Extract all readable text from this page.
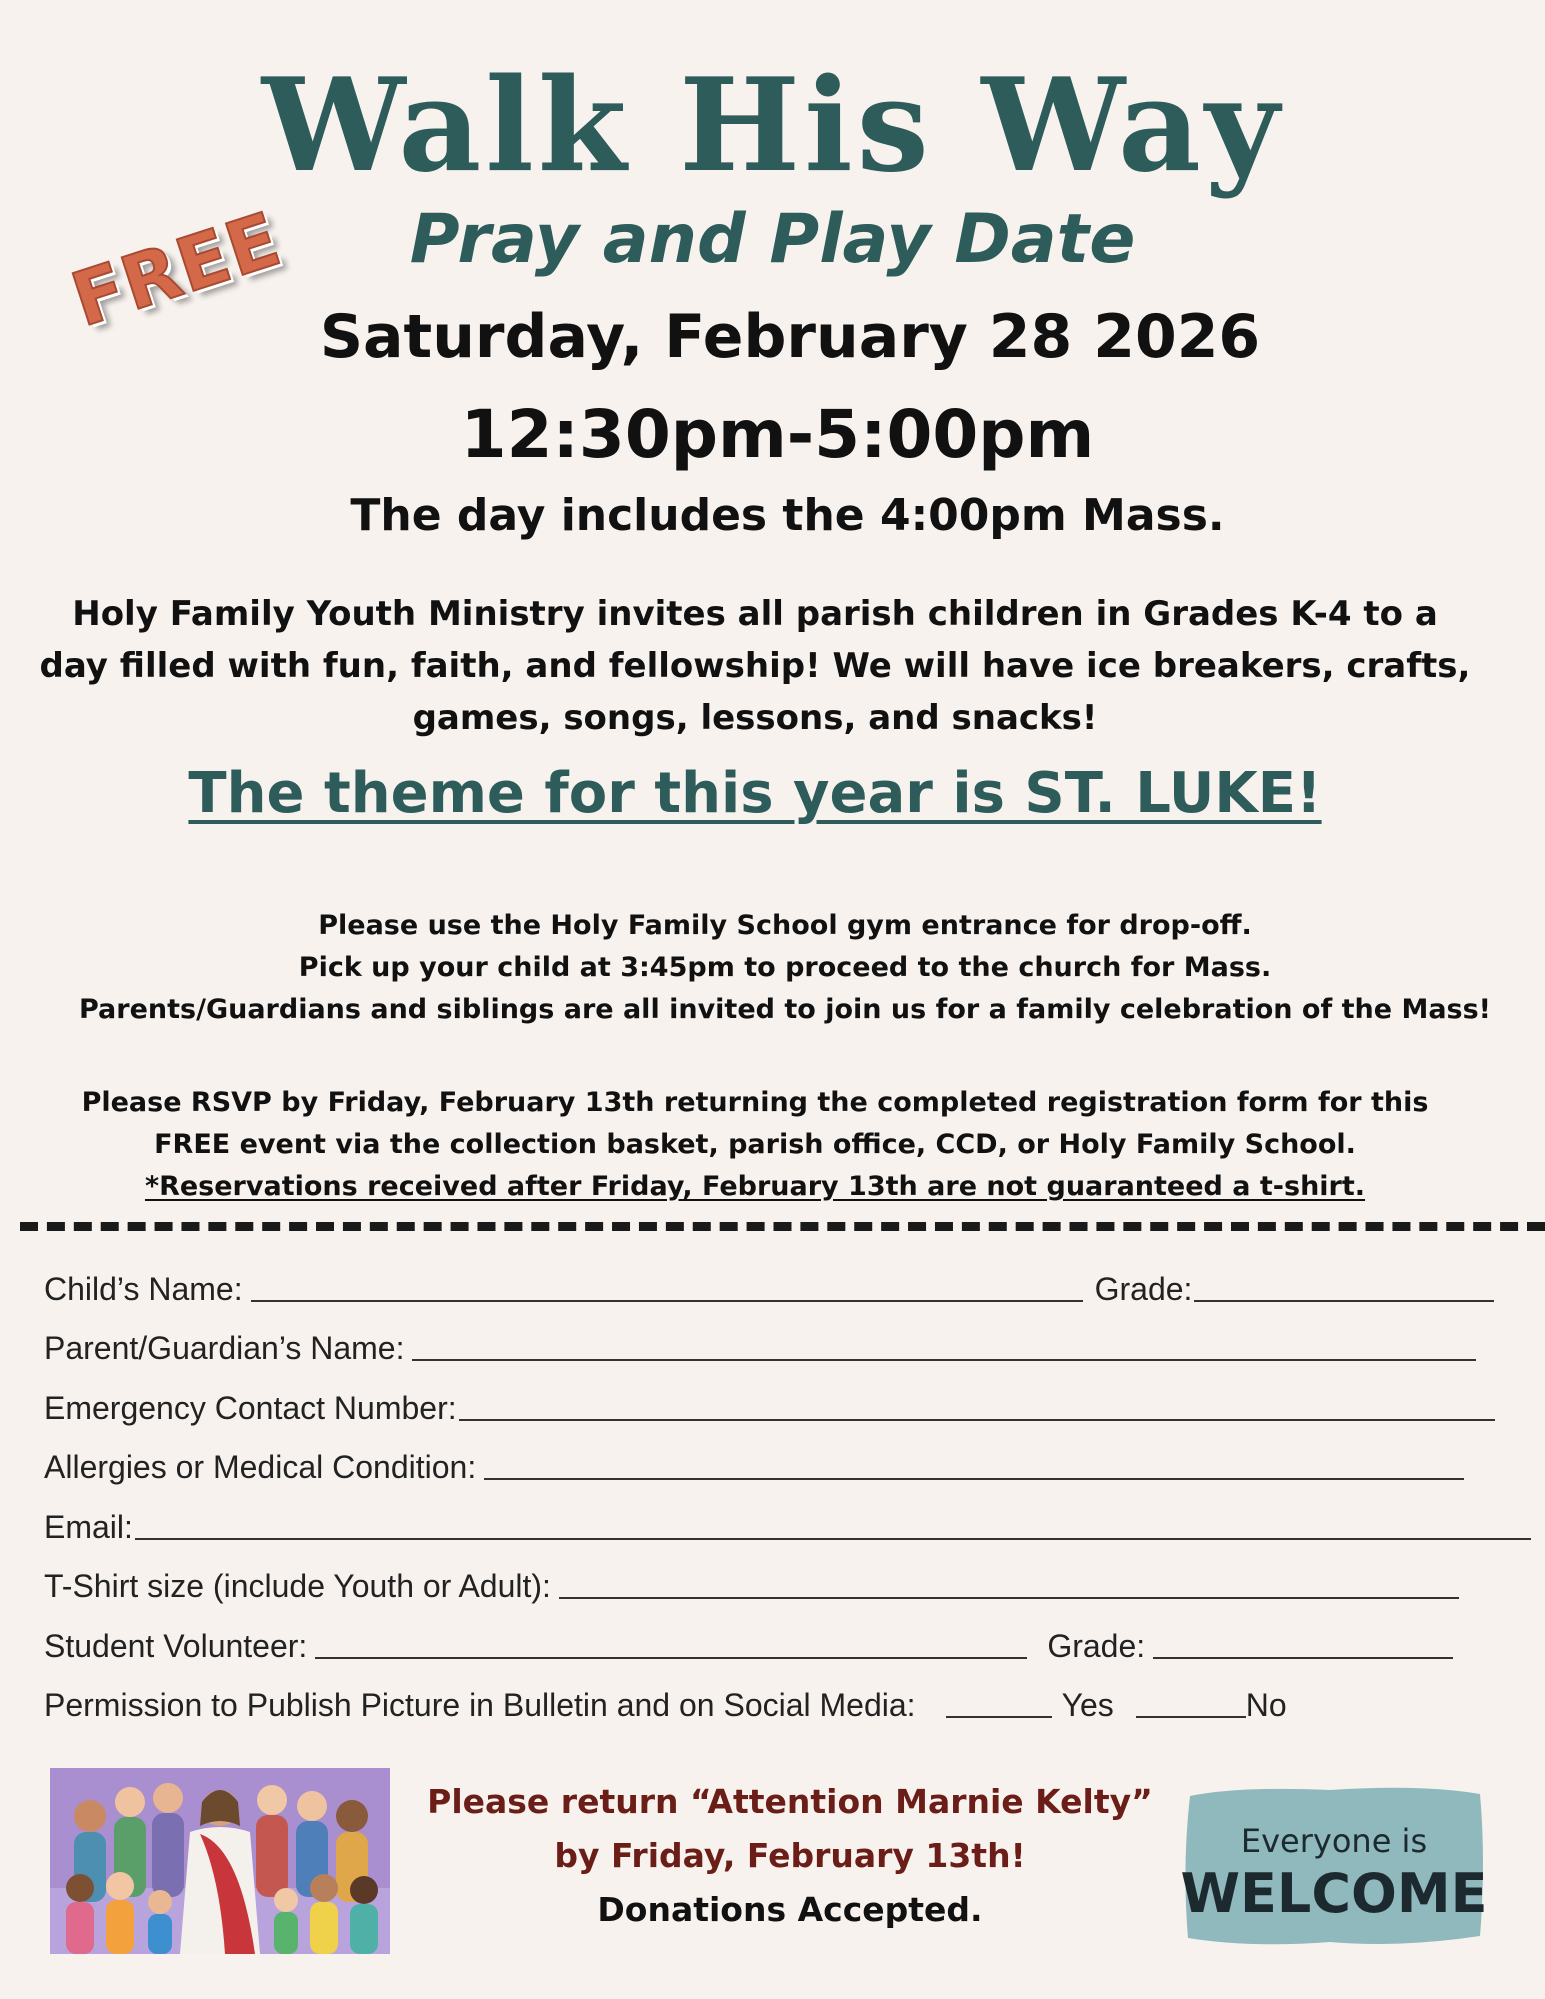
Walk His Way
Pray and Play Date
FREE Saturday, February 28 2026
12:30pm-5:00pm
The day includes the 4:00pm Mass.
Holy Family Youth Ministry invites all parish children in Grades K-4 to a
day filled with fun, faith, and fellowship! We will have ice breakers, crafts,
games, songs, lessons, and snacks!
The theme for this year is ST. LUKE!
Please use the Holy Family School gym entrance for drop-off.
Pick up your child at 3:45pm to proceed to the church for Mass.
Parents/Guardians and siblings are all invited to join us for a family celebration of the Mass!
Please RSVP by Friday, February 13th returning the completed registration form for this
FREE event via the collection basket, parish office, CCD, or Holy Family School.
*Reservations received after Friday, February 13th are not guaranteed a t-shirt.
Child’s Name:	Grade:
Parent/Guardian’s Name:
Emergency Contact Number:
Allergies or Medical Condition:
Email:
T-Shirt size (include Youth or Adult):
Student Volunteer:	Grade:
Permission to Publish Picture in Bulletin and on Social Media:	Yes	No
Please return “Attention Marnie Kelty”
by Friday, February 13th!
Donations Accepted.
Everyone is
WELCOME
